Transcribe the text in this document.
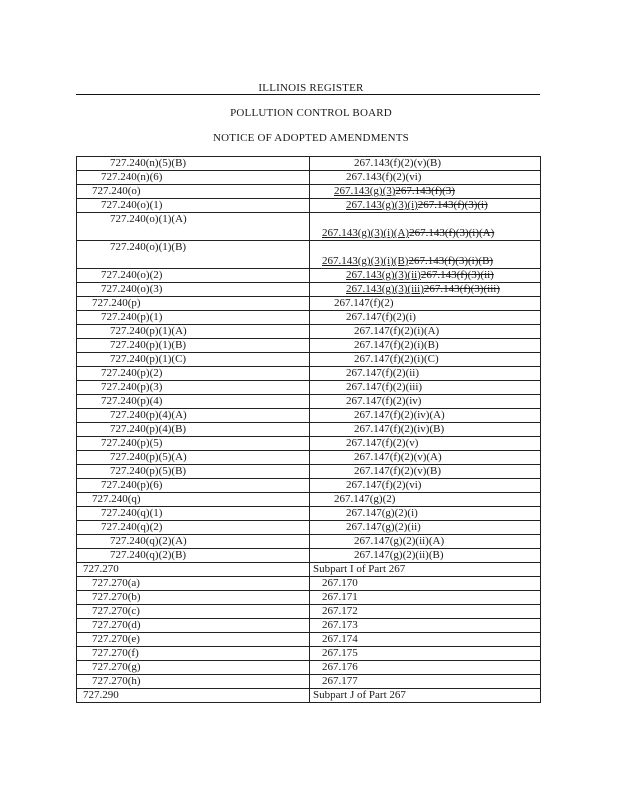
ILLINOIS REGISTER
POLLUTION CONTROL BOARD
NOTICE OF ADOPTED AMENDMENTS
727.240(n)(5)(B)	267.143(f)(2)(v)(B)
727.240(n)(6)	267.143(f)(2)(vi)
727.240(o)	267.143(g)(3)267.143(f)(3)
727.240(o)(1)	267.143(g)(3)(i)267.143(f)(3)(i)
727.240(o)(1)(A)	267.143(g)(3)(i)(A)267.143(f)(3)(i)(A)
727.240(o)(1)(B)	267.143(g)(3)(i)(B)267.143(f)(3)(i)(B)
727.240(o)(2)	267.143(g)(3)(ii)267.143(f)(3)(ii)
727.240(o)(3)	267.143(g)(3)(iii)267.143(f)(3)(iii)
727.240(p)	267.147(f)(2)
727.240(p)(1)	267.147(f)(2)(i)
727.240(p)(1)(A)	267.147(f)(2)(i)(A)
727.240(p)(1)(B)	267.147(f)(2)(i)(B)
727.240(p)(1)(C)	267.147(f)(2)(i)(C)
727.240(p)(2)	267.147(f)(2)(ii)
727.240(p)(3)	267.147(f)(2)(iii)
727.240(p)(4)	267.147(f)(2)(iv)
727.240(p)(4)(A)	267.147(f)(2)(iv)(A)
727.240(p)(4)(B)	267.147(f)(2)(iv)(B)
727.240(p)(5)	267.147(f)(2)(v)
727.240(p)(5)(A)	267.147(f)(2)(v)(A)
727.240(p)(5)(B)	267.147(f)(2)(v)(B)
727.240(p)(6)	267.147(f)(2)(vi)
727.240(q)	267.147(g)(2)
727.240(q)(1)	267.147(g)(2)(i)
727.240(q)(2)	267.147(g)(2)(ii)
727.240(q)(2)(A)	267.147(g)(2)(ii)(A)
727.240(q)(2)(B)	267.147(g)(2)(ii)(B)
727.270	Subpart I of Part 267
727.270(a)	267.170
727.270(b)	267.171
727.270(c)	267.172
727.270(d)	267.173
727.270(e)	267.174
727.270(f)	267.175
727.270(g)	267.176
727.270(h)	267.177
727.290	Subpart J of Part 267
